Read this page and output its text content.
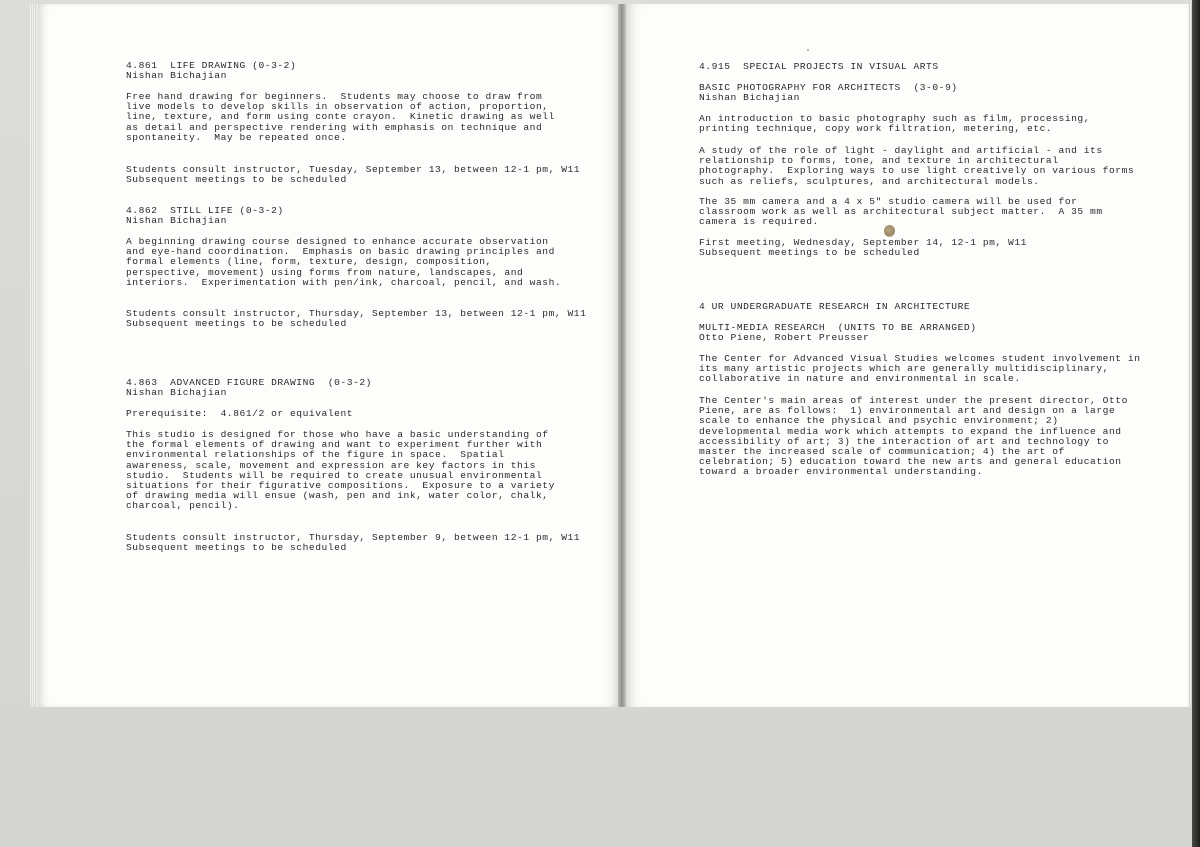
4.861  LIFE DRAWING (0-3-2)
Nishan Bichajian
Free hand drawing for beginners.  Students may choose to draw from
live models to develop skills in observation of action, proportion,
line, texture, and form using conte crayon.  Kinetic drawing as well
as detail and perspective rendering with emphasis on technique and
spontaneity.  May be repeated once.
Students consult instructor, Tuesday, September 13, between 12-1 pm, W11
Subsequent meetings to be scheduled
4.862  STILL LIFE (0-3-2)
Nishan Bichajian
A beginning drawing course designed to enhance accurate observation
and eye-hand coordination.  Emphasis on basic drawing principles and
formal elements (line, form, texture, design, composition,
perspective, movement) using forms from nature, landscapes, and
interiors.  Experimentation with pen/ink, charcoal, pencil, and wash.
Students consult instructor, Thursday, September 13, between 12-1 pm, W11
Subsequent meetings to be scheduled
4.863  ADVANCED FIGURE DRAWING  (0-3-2)
Nishan Bichajian
Prerequisite:  4.861/2 or equivalent
This studio is designed for those who have a basic understanding of
the formal elements of drawing and want to experiment further with
environmental relationships of the figure in space.  Spatial
awareness, scale, movement and expression are key factors in this
studio.  Students will be required to create unusual environmental
situations for their figurative compositions.  Exposure to a variety
of drawing media will ensue (wash, pen and ink, water color, chalk,
charcoal, pencil).
Students consult instructor, Thursday, September 9, between 12-1 pm, W11
Subsequent meetings to be scheduled
4.915  SPECIAL PROJECTS IN VISUAL ARTS
BASIC PHOTOGRAPHY FOR ARCHITECTS  (3-0-9)
Nishan Bichajian
An introduction to basic photography such as film, processing,
printing technique, copy work filtration, metering, etc.
A study of the role of light - daylight and artificial - and its
relationship to forms, tone, and texture in architectural
photography.  Exploring ways to use light creatively on various forms
such as reliefs, sculptures, and architectural models.
The 35 mm camera and a 4 x 5" studio camera will be used for
classroom work as well as architectural subject matter.  A 35 mm
camera is required.
First meeting, Wednesday, September 14, 12-1 pm, W11
Subsequent meetings to be scheduled
4 UR UNDERGRADUATE RESEARCH IN ARCHITECTURE
MULTI-MEDIA RESEARCH  (UNITS TO BE ARRANGED)
Otto Piene, Robert Preusser
The Center for Advanced Visual Studies welcomes student involvement in
its many artistic projects which are generally multidisciplinary,
collaborative in nature and environmental in scale.
The Center's main areas of interest under the present director, Otto
Piene, are as follows:  1) environmental art and design on a large
scale to enhance the physical and psychic environment; 2)
developmental media work which attempts to expand the influence and
accessibility of art; 3) the interaction of art and technology to
master the increased scale of communication; 4) the art of
celebration; 5) education toward the new arts and general education
toward a broader environmental understanding.
